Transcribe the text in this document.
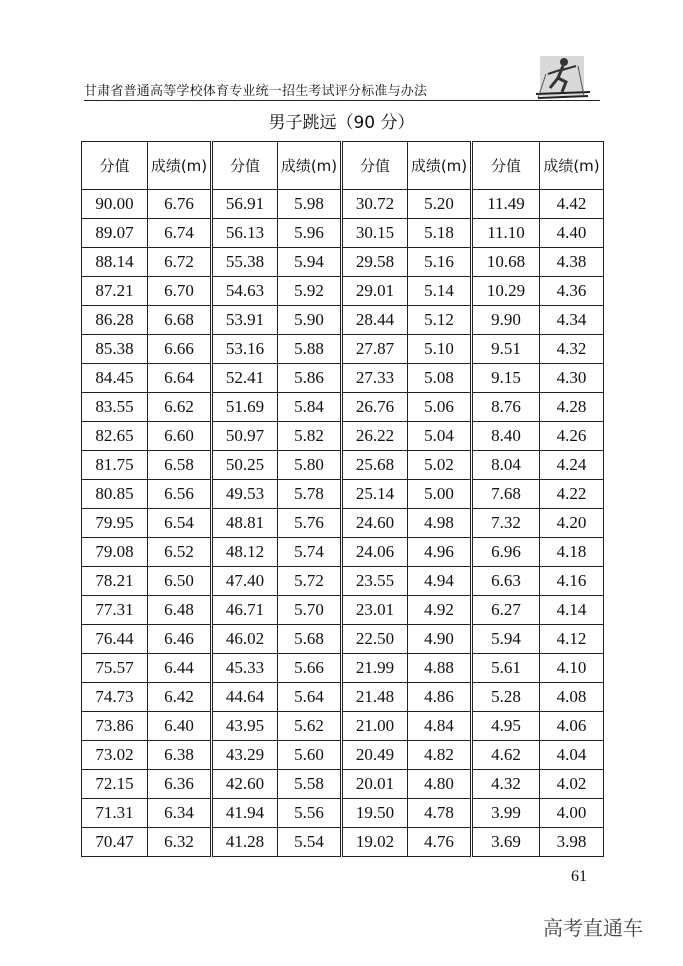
甘肃省普通高等学校体育专业统一招生考试评分标准与办法
男子跳远（90 分）
分值	成绩(m)	分值	成绩(m)	分值	成绩(m)	分值	成绩(m)
90.00	6.76	56.91	5.98	30.72	5.20	11.49	4.42
89.07	6.74	56.13	5.96	30.15	5.18	11.10	4.40
88.14	6.72	55.38	5.94	29.58	5.16	10.68	4.38
87.21	6.70	54.63	5.92	29.01	5.14	10.29	4.36
86.28	6.68	53.91	5.90	28.44	5.12	9.90	4.34
85.38	6.66	53.16	5.88	27.87	5.10	9.51	4.32
84.45	6.64	52.41	5.86	27.33	5.08	9.15	4.30
83.55	6.62	51.69	5.84	26.76	5.06	8.76	4.28
82.65	6.60	50.97	5.82	26.22	5.04	8.40	4.26
81.75	6.58	50.25	5.80	25.68	5.02	8.04	4.24
80.85	6.56	49.53	5.78	25.14	5.00	7.68	4.22
79.95	6.54	48.81	5.76	24.60	4.98	7.32	4.20
79.08	6.52	48.12	5.74	24.06	4.96	6.96	4.18
78.21	6.50	47.40	5.72	23.55	4.94	6.63	4.16
77.31	6.48	46.71	5.70	23.01	4.92	6.27	4.14
76.44	6.46	46.02	5.68	22.50	4.90	5.94	4.12
75.57	6.44	45.33	5.66	21.99	4.88	5.61	4.10
74.73	6.42	44.64	5.64	21.48	4.86	5.28	4.08
73.86	6.40	43.95	5.62	21.00	4.84	4.95	4.06
73.02	6.38	43.29	5.60	20.49	4.82	4.62	4.04
72.15	6.36	42.60	5.58	20.01	4.80	4.32	4.02
71.31	6.34	41.94	5.56	19.50	4.78	3.99	4.00
70.47	6.32	41.28	5.54	19.02	4.76	3.69	3.98
61
高考直通车
